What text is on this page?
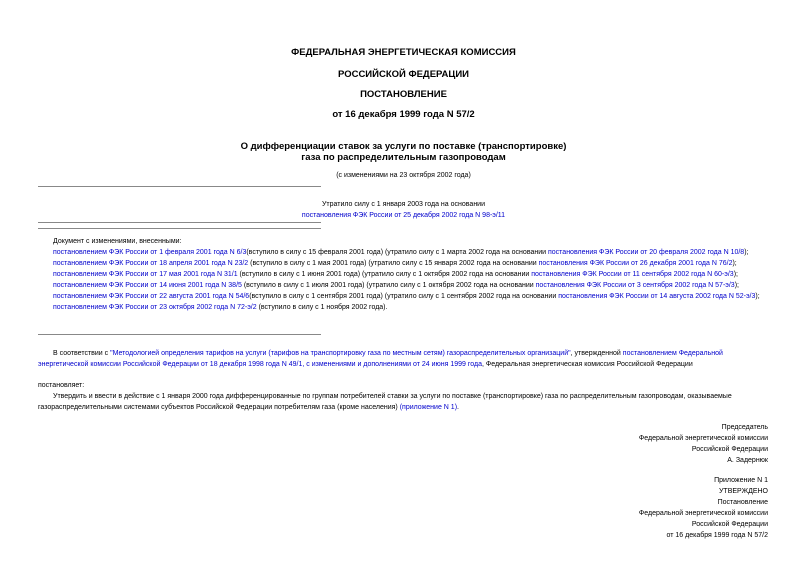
ФЕДЕРАЛЬНАЯ ЭНЕРГЕТИЧЕСКАЯ КОМИССИЯ
РОССИЙСКОЙ ФЕДЕРАЦИИ
ПОСТАНОВЛЕНИЕ
от 16 декабря 1999 года N 57/2
О дифференциации ставок за услуги по поставке (транспортировке)
газа по распределительным газопроводам
(с изменениями на 23 октября 2002 года)
Утратило силу с 1 января 2003 года на основании
постановления ФЭК России от 25 декабря 2002 года N 98-э/11
Документ с изменениями, внесенными:
постановлением ФЭК России от 1 февраля 2001 года N 6/3(вступило в силу с 15 февраля 2001 года) (утратило силу с 1 марта 2002 года на основании постановления ФЭК России от 20 февраля 2002 года N 10/8);
постановлением ФЭК России от 18 апреля 2001 года N 23/2 (вступило в силу с 1 мая 2001 года) (утратило силу с 15 января 2002 года на основании постановления ФЭК России от 26 декабря 2001 года N 76/2);
постановлением ФЭК России от 17 мая 2001 года N 31/1 (вступило в силу с 1 июня 2001 года) (утратило силу с 1 октября 2002 года на основании постановления ФЭК России от 11 сентября 2002 года N 60-э/3);
постановлением ФЭК России от 14 июня 2001 года N 38/5 (вступило в силу с 1 июля 2001 года) (утратило силу с 1 октября 2002 года на основании постановления ФЭК России от 3 сентября 2002 года N 57-э/3);
постановлением ФЭК России от 22 августа 2001 года N 54/6(вступило в силу с 1 сентября 2001 года) (утратило силу с 1 сентября 2002 года на основании постановления ФЭК России от 14 августа 2002 года N 52-э/3);
постановлением ФЭК России от 23 октября 2002 года N 72-э/2 (вступило в силу с 1 ноября 2002 года).
В соответствии с "Методологией определения тарифов на услуги (тарифов на транспортировку газа по местным сетям) газораспределительных организаций", утвержденной постановлением Федеральной энергетической комиссии Российской Федерации от 18 декабря 1998 года N 49/1, с изменениями и дополнениями от 24 июня 1999 года, Федеральная энергетическая комиссия Российской Федерации
постановляет:
Утвердить и ввести в действие с 1 января 2000 года дифференцированные по группам потребителей ставки за услуги по поставке (транспортировке) газа по распределительным газопроводам, оказываемые газораспределительными системами субъектов Российской Федерации потребителям газа (кроме населения) (приложение N 1).
Председатель
Федеральной энергетической комиссии
Российской Федерации
А. Задернюк
Приложение N 1
УТВЕРЖДЕНО
Постановление
Федеральной энергетической комиссии
Российской Федерации
от 16 декабря 1999 года N 57/2
